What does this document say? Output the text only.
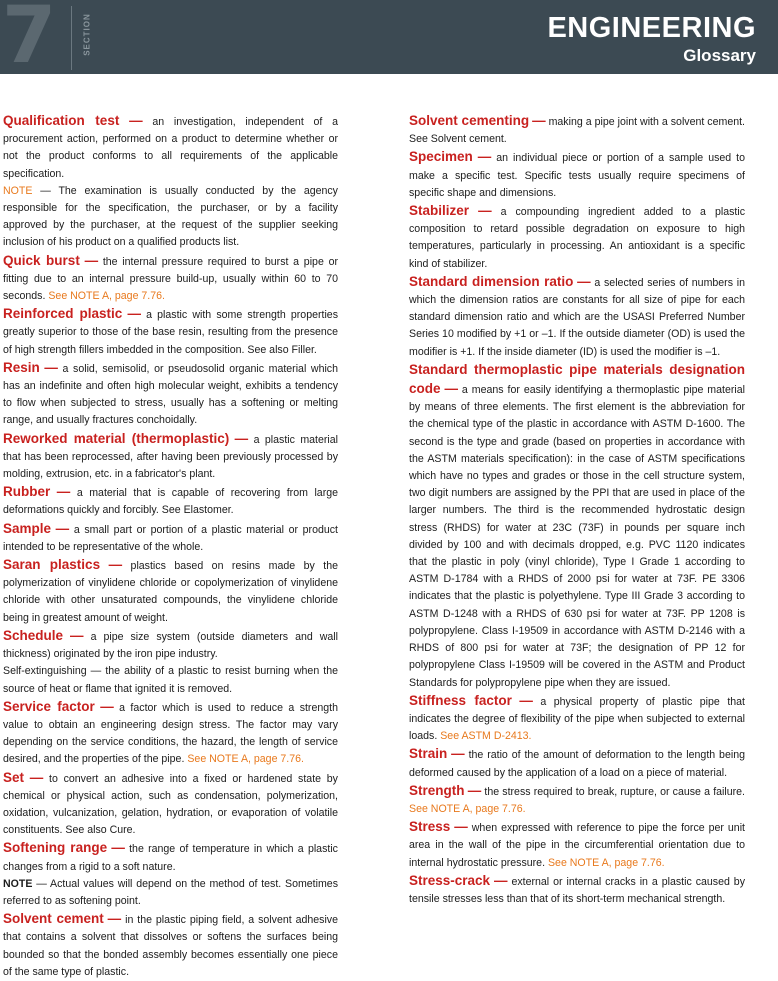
7	SECTION	ENGINEERING
Glossary

Qualification test — an investigation, independent of a procurement action, performed on a product to determine whether or not the product conforms to all requirements of the applicable specification.

NOTE — The examination is usually conducted by the agency responsible for the specification, the purchaser, or by a facility approved by the purchaser, at the request of the supplier seeking inclusion of his product on a qualified products list.

Quick burst — the internal pressure required to burst a pipe or fitting due to an internal pressure build-up, usually within 60 to 70 seconds. See NOTE A, page 7.76.

Reinforced plastic — a plastic with some strength properties greatly superior to those of the base resin, resulting from the presence of high strength fillers imbedded in the composition. See also Filler.

Resin — a solid, semisolid, or pseudosolid organic material which has an indefinite and often high molecular weight, exhibits a tendency to flow when subjected to stress, usually has a softening or melting range, and usually fractures conchoidally.

Reworked material (thermoplastic) — a plastic material that has been reprocessed, after having been previously processed by molding, extrusion, etc. in a fabricator's plant.

Rubber — a material that is capable of recovering from large deformations quickly and forcibly. See Elastomer.

Sample — a small part or portion of a plastic material or product intended to be representative of the whole.

Saran plastics — plastics based on resins made by the polymerization of vinylidene chloride or copolymerization of vinylidene chloride with other unsaturated compounds, the vinylidene chloride being in greatest amount of weight.

Schedule — a pipe size system (outside diameters and wall thickness) originated by the iron pipe industry.

Self-extinguishing — the ability of a plastic to resist burning when the source of heat or flame that ignited it is removed.

Service factor — a factor which is used to reduce a strength value to obtain an engineering design stress. The factor may vary depending on the service conditions, the hazard, the length of service desired, and the properties of the pipe. See NOTE A, page 7.76.

Set — to convert an adhesive into a fixed or hardened state by chemical or physical action, such as condensation, polymerization, oxidation, vulcanization, gelation, hydration, or evaporation of volatile constituents. See also Cure.

Softening range — the range of temperature in which a plastic changes from a rigid to a soft nature.

NOTE — Actual values will depend on the method of test. Sometimes referred to as softening point.

Solvent cement — in the plastic piping field, a solvent adhesive that contains a solvent that dissolves or softens the surfaces being bounded so that the bonded assembly becomes essentially one piece of the same type of plastic.

Solvent cementing — making a pipe joint with a solvent cement. See Solvent cement.

Specimen — an individual piece or portion of a sample used to make a specific test. Specific tests usually require specimens of specific shape and dimensions.

Stabilizer — a compounding ingredient added to a plastic composition to retard possible degradation on exposure to high temperatures, particularly in processing. An antioxidant is a specific kind of stabilizer.

Standard dimension ratio — a selected series of numbers in which the dimension ratios are constants for all size of pipe for each standard dimension ratio and which are the USASI Preferred Number Series 10 modified by +1 or –1. If the outside diameter (OD) is used the modifier is +1. If the inside diameter (ID) is used the modifier is –1.

Standard thermoplastic pipe materials designation code — a means for easily identifying a thermoplastic pipe material by means of three elements. The first element is the abbreviation for the chemical type of the plastic in accordance with ASTM D-1600. The second is the type and grade (based on properties in accordance with the ASTM materials specification): in the case of ASTM specifications which have no types and grades or those in the cell structure system, two digit numbers are assigned by the PPI that are used in place of the larger numbers. The third is the recommended hydrostatic design stress (RHDS) for water at 23C (73F) in pounds per square inch divided by 100 and with decimals dropped, e.g. PVC 1120 indicates that the plastic in poly (vinyl chloride), Type I Grade 1 according to ASTM D-1784 with a RHDS of 2000 psi for water at 73F. PE 3306 indicates that the plastic is polyethylene. Type III Grade 3 according to ASTM D-1248 with a RHDS of 630 psi for water at 73F. PP 1208 is polypropylene. Class I-19509 in accordance with ASTM D-2146 with a RHDS of 800 psi for water at 73F; the designation of PP 12 for polypropylene Class I-19509 will be covered in the ASTM and Product Standards for polypropylene pipe when they are issued.

Stiffness factor — a physical property of plastic pipe that indicates the degree of flexibility of the pipe when subjected to external loads. See ASTM D-2413.

Strain — the ratio of the amount of deformation to the length being deformed caused by the application of a load on a piece of material.

Strength — the stress required to break, rupture, or cause a failure. See NOTE A, page 7.76.

Stress — when expressed with reference to pipe the force per unit area in the wall of the pipe in the circumferential orientation due to internal hydrostatic pressure. See NOTE A, page 7.76.

Stress-crack — external or internal cracks in a plastic caused by tensile stresses less than that of its short-term mechanical strength.
